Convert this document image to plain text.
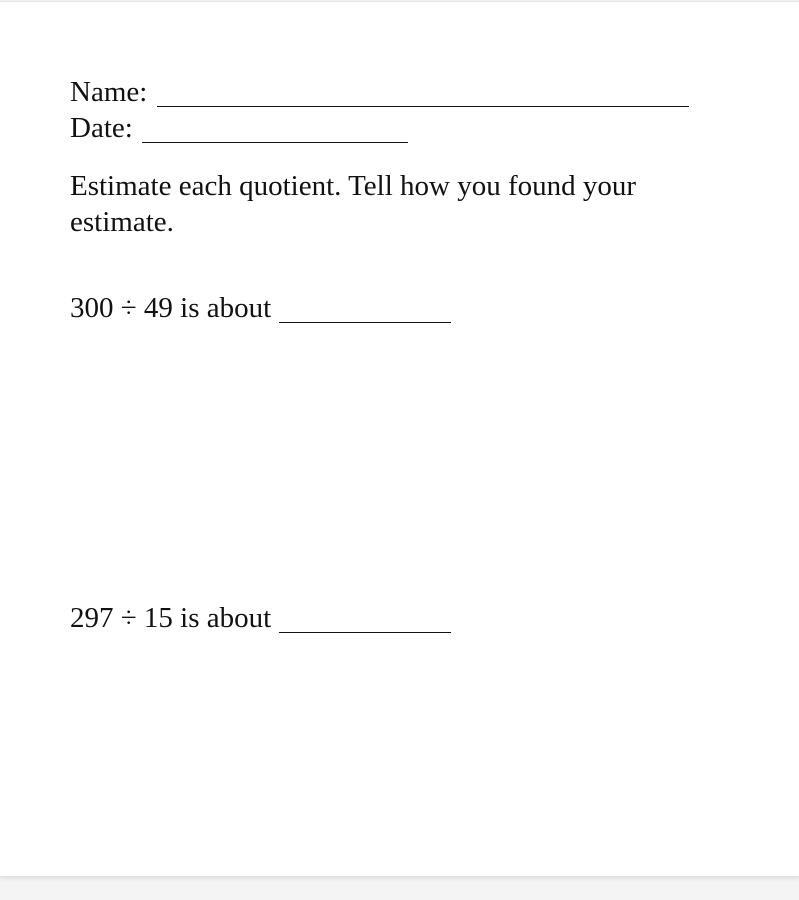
Name:
Date:
Estimate each quotient. Tell how you found your estimate.
300 ÷ 49 is about
297 ÷ 15 is about
